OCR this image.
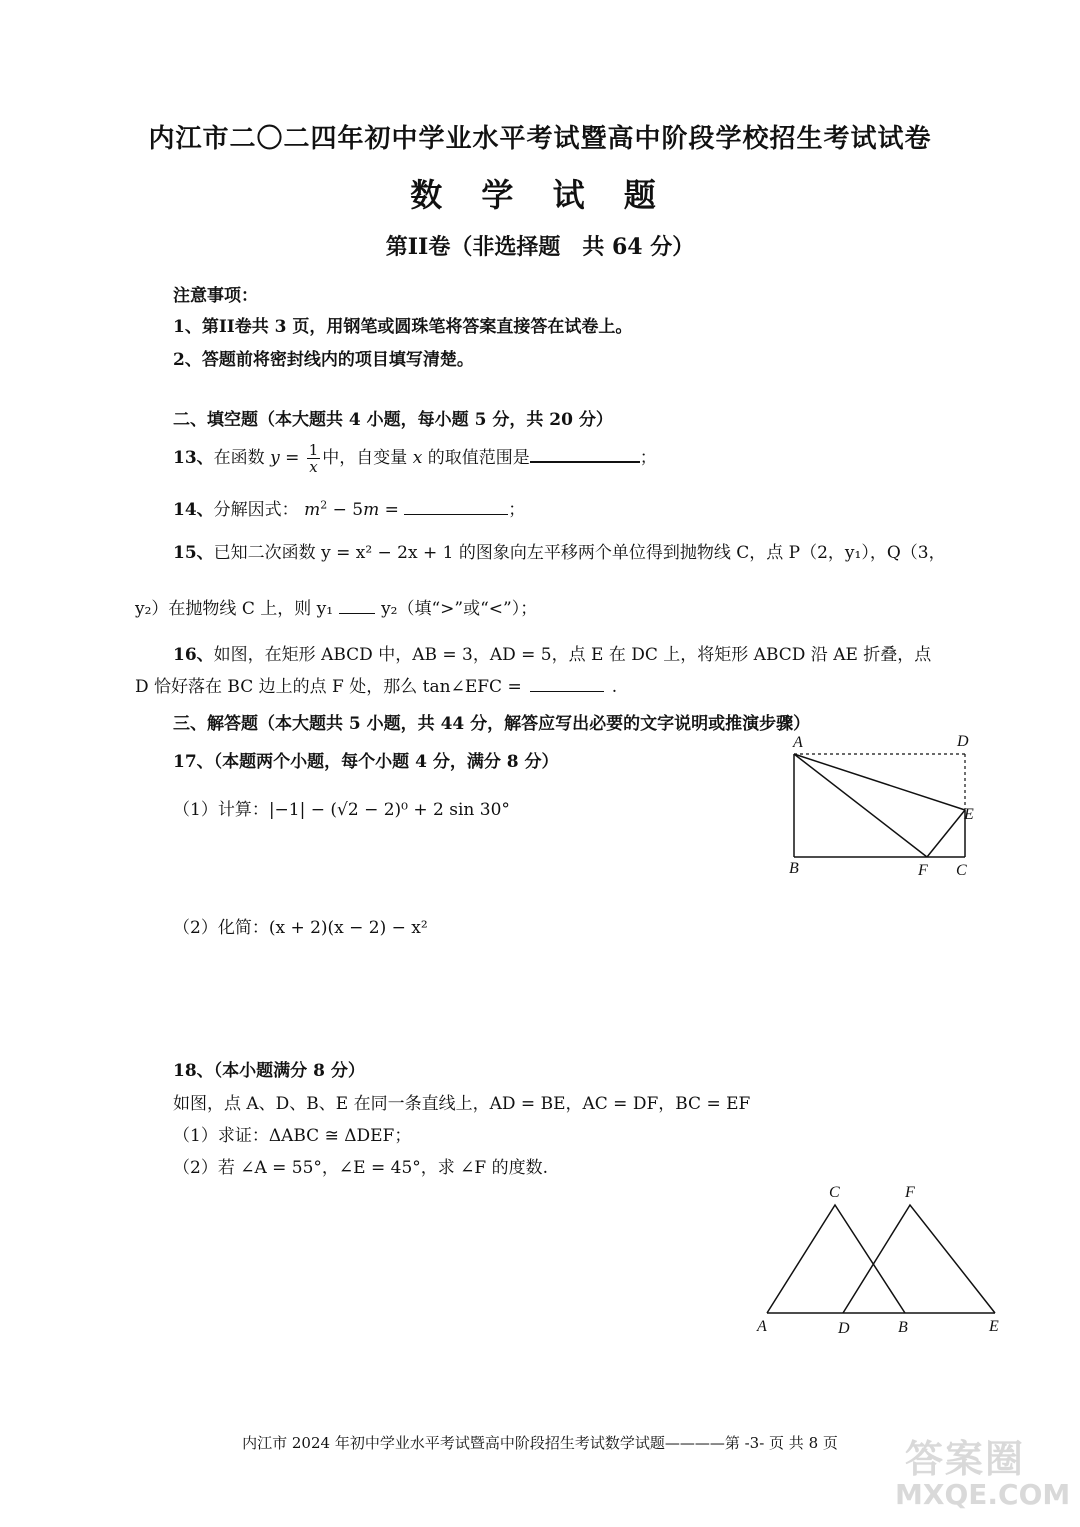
内江市二〇二四年初中学业水平考试暨高中阶段学校招生考试试卷
数 学 试 题
第II卷（非选择题　共 64 分）
注意事项：
1、第II卷共 3 页，用钢笔或圆珠笔将答案直接答在试卷上。
2、答题前将密封线内的项目填写清楚。
二、填空题（本大题共 4 小题，每小题 5 分，共 20 分）
13、在函数 $y = \frac{1}{x}$ 中，自变量 x 的取值范围是	；
14、分解因式： $m^2 - 5m$ =	；
15、已知二次函数 y = x² − 2x + 1 的图象向左平移两个单位得到抛物线 C，点 P（2，y₁），Q（3，
y₂）在抛物线 C 上，则 y₁	y₂（填“>”或“<”）；
16、如图，在矩形 ABCD 中，AB = 3，AD = 5，点 E 在 DC 上，将矩形 ABCD 沿 AE 折叠，点
D 恰好落在 BC 边上的点 F 处，那么 tan∠EFC =	.
三、解答题（本大题共 5 小题，共 44 分，解答应写出必要的文字说明或推演步骤）
17、（本题两个小题，每个小题 4 分，满分 8 分）
（1）计算：|−1| − (√2 − 2)⁰ + 2 sin 30°
（2）化简：(x + 2)(x − 2) − x²
A	D
E
B	F C
18、（本小题满分 8 分）
如图，点 A、D、B、E 在同一条直线上，AD = BE，AC = DF，BC = EF
（1）求证：ΔABC ≅ ΔDEF；
（2）若 ∠A = 55°，∠E = 45°，求 ∠F 的度数.
C	F
A	D	B	E
内江市 2024 年初中学业水平考试暨高中阶段招生考试数学试题————第 -3- 页 共 8 页	答案圈
MXQE.COM
